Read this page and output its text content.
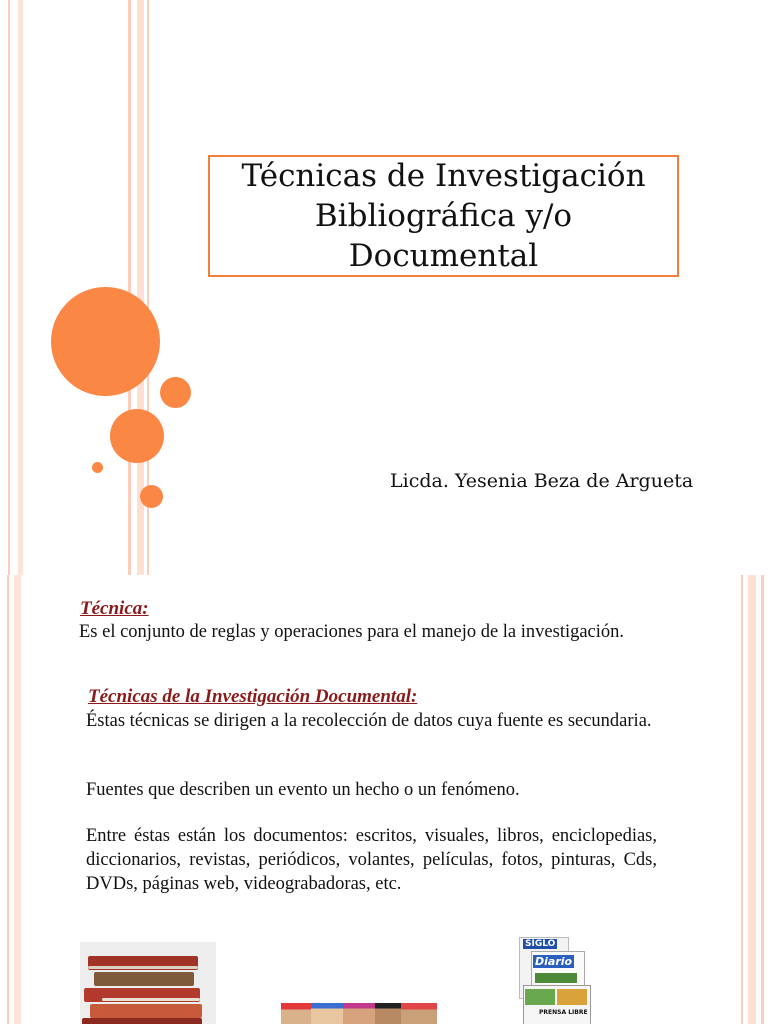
Técnicas de Investigación
Bibliográfica y/o
Documental
Licda. Yesenia Beza de Argueta
Técnica:
Es el conjunto de reglas y operaciones para el manejo de la investigación.
Técnicas de la Investigación Documental:
Éstas técnicas se dirigen a la recolección de datos cuya fuente es secundaria.
Fuentes que describen un evento un hecho o un fenómeno.
Entre éstas están los documentos: escritos, visuales, libros, enciclopedias, diccionarios, revistas, periódicos, volantes, películas, fotos, pinturas, Cds, DVDs, páginas web, videograbadoras, etc.
SIGLO
Diario
PRENSA LIBRE
